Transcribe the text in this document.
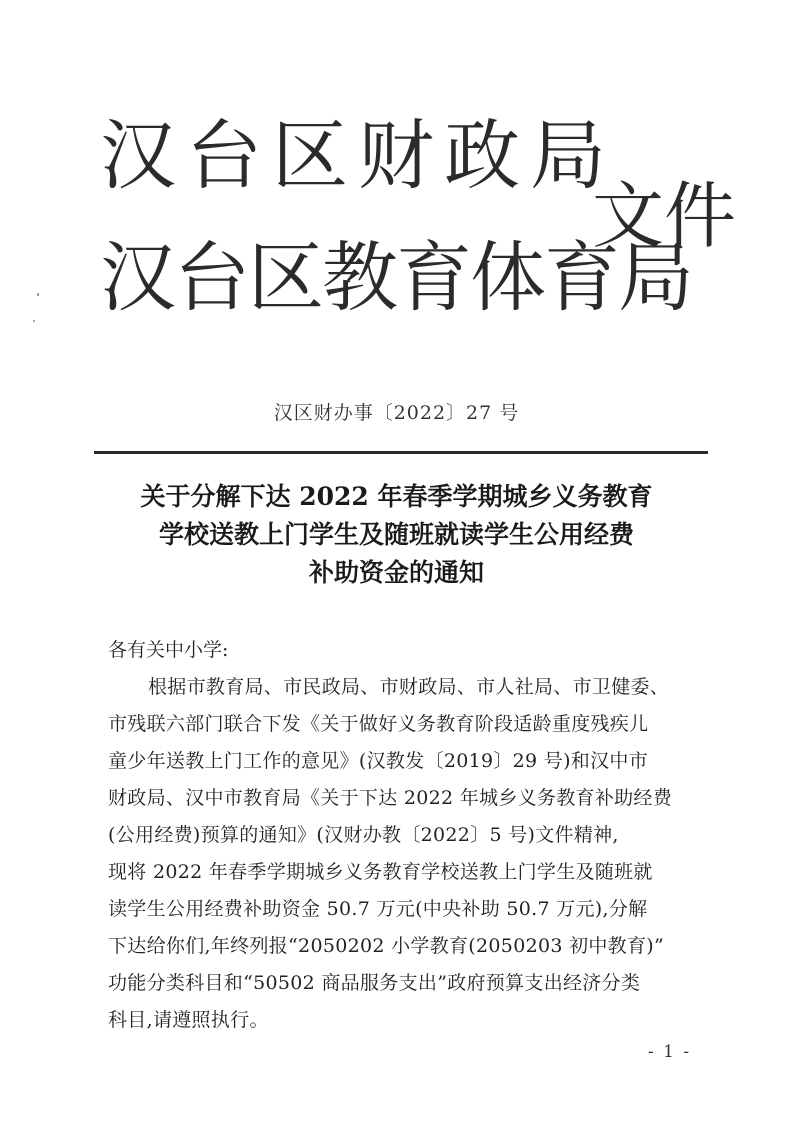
汉台区财政局
汉台区教育体育局
文件
汉区财办事〔2022〕27 号
关于分解下达 2022 年春季学期城乡义务教育
学校送教上门学生及随班就读学生公用经费
补助资金的通知
各有关中小学:
根据市教育局、市民政局、市财政局、市人社局、市卫健委、
市残联六部门联合下发《关于做好义务教育阶段适龄重度残疾儿
童少年送教上门工作的意见》(汉教发〔2019〕29 号)和汉中市
财政局、汉中市教育局《关于下达 2022 年城乡义务教育补助经费
(公用经费)预算的通知》(汉财办教〔2022〕5 号)文件精神,
现将 2022 年春季学期城乡义务教育学校送教上门学生及随班就
读学生公用经费补助资金 50.7 万元(中央补助 50.7 万元),分解
下达给你们,年终列报“2050202 小学教育(2050203 初中教育)”
功能分类科目和“50502 商品服务支出”政府预算支出经济分类
科目,请遵照执行。
- 1 -
